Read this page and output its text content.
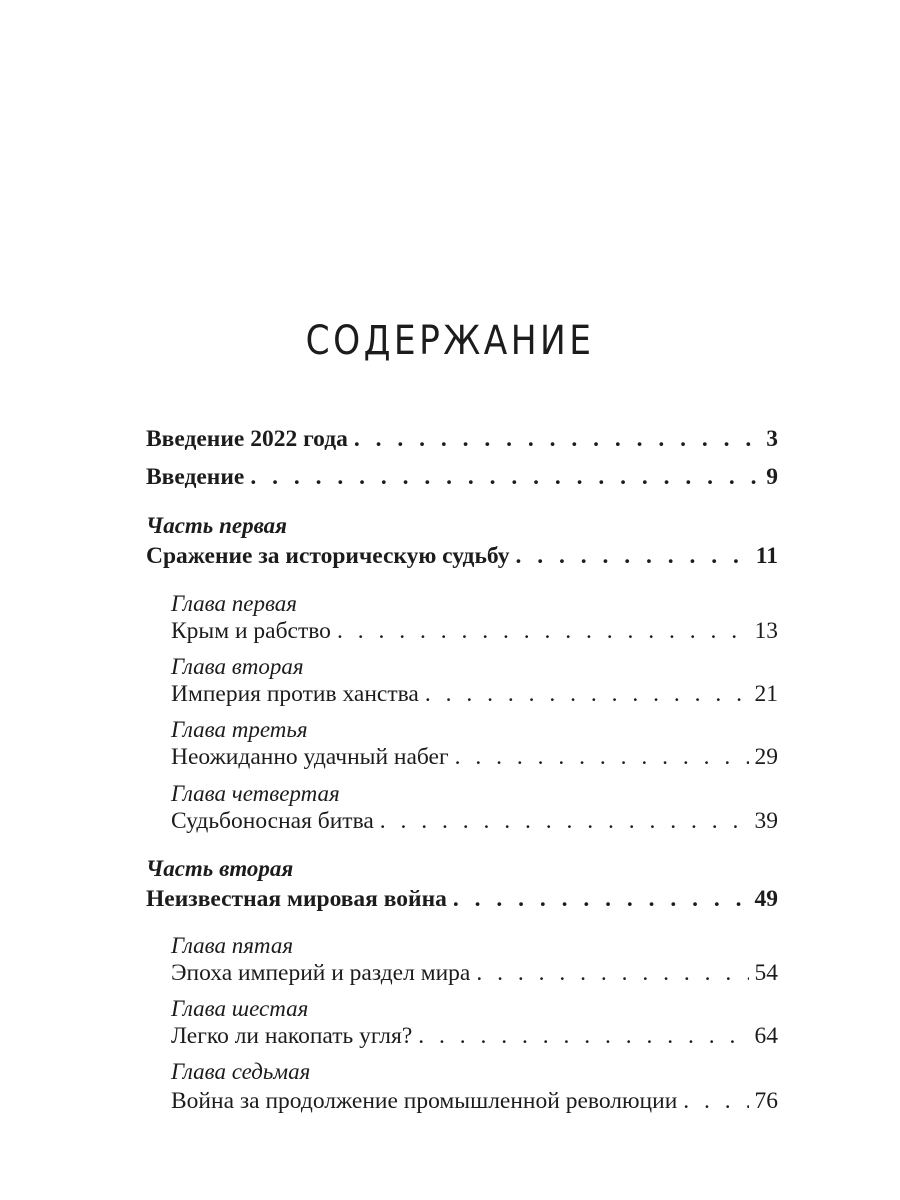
СОДЕРЖАНИЕ
Введение 2022 года . . .	3
Введение . . .	9
Часть первая
Сражение за историческую судьбу . . .	11
Глава первая
Крым и рабство . . .	13
Глава вторая
Империя против ханства . . .	21
Глава третья
Неожиданно удачный набег . . .	29
Глава четвертая
Судьбоносная битва . . .	39
Часть вторая
Неизвестная мировая война . . .	49
Глава пятая
Эпоха империй и раздел мира . . .	54
Глава шестая
Легко ли накопать угля? . . .	64
Глава седьмая
Война за продолжение промышленной революции . . .	76
